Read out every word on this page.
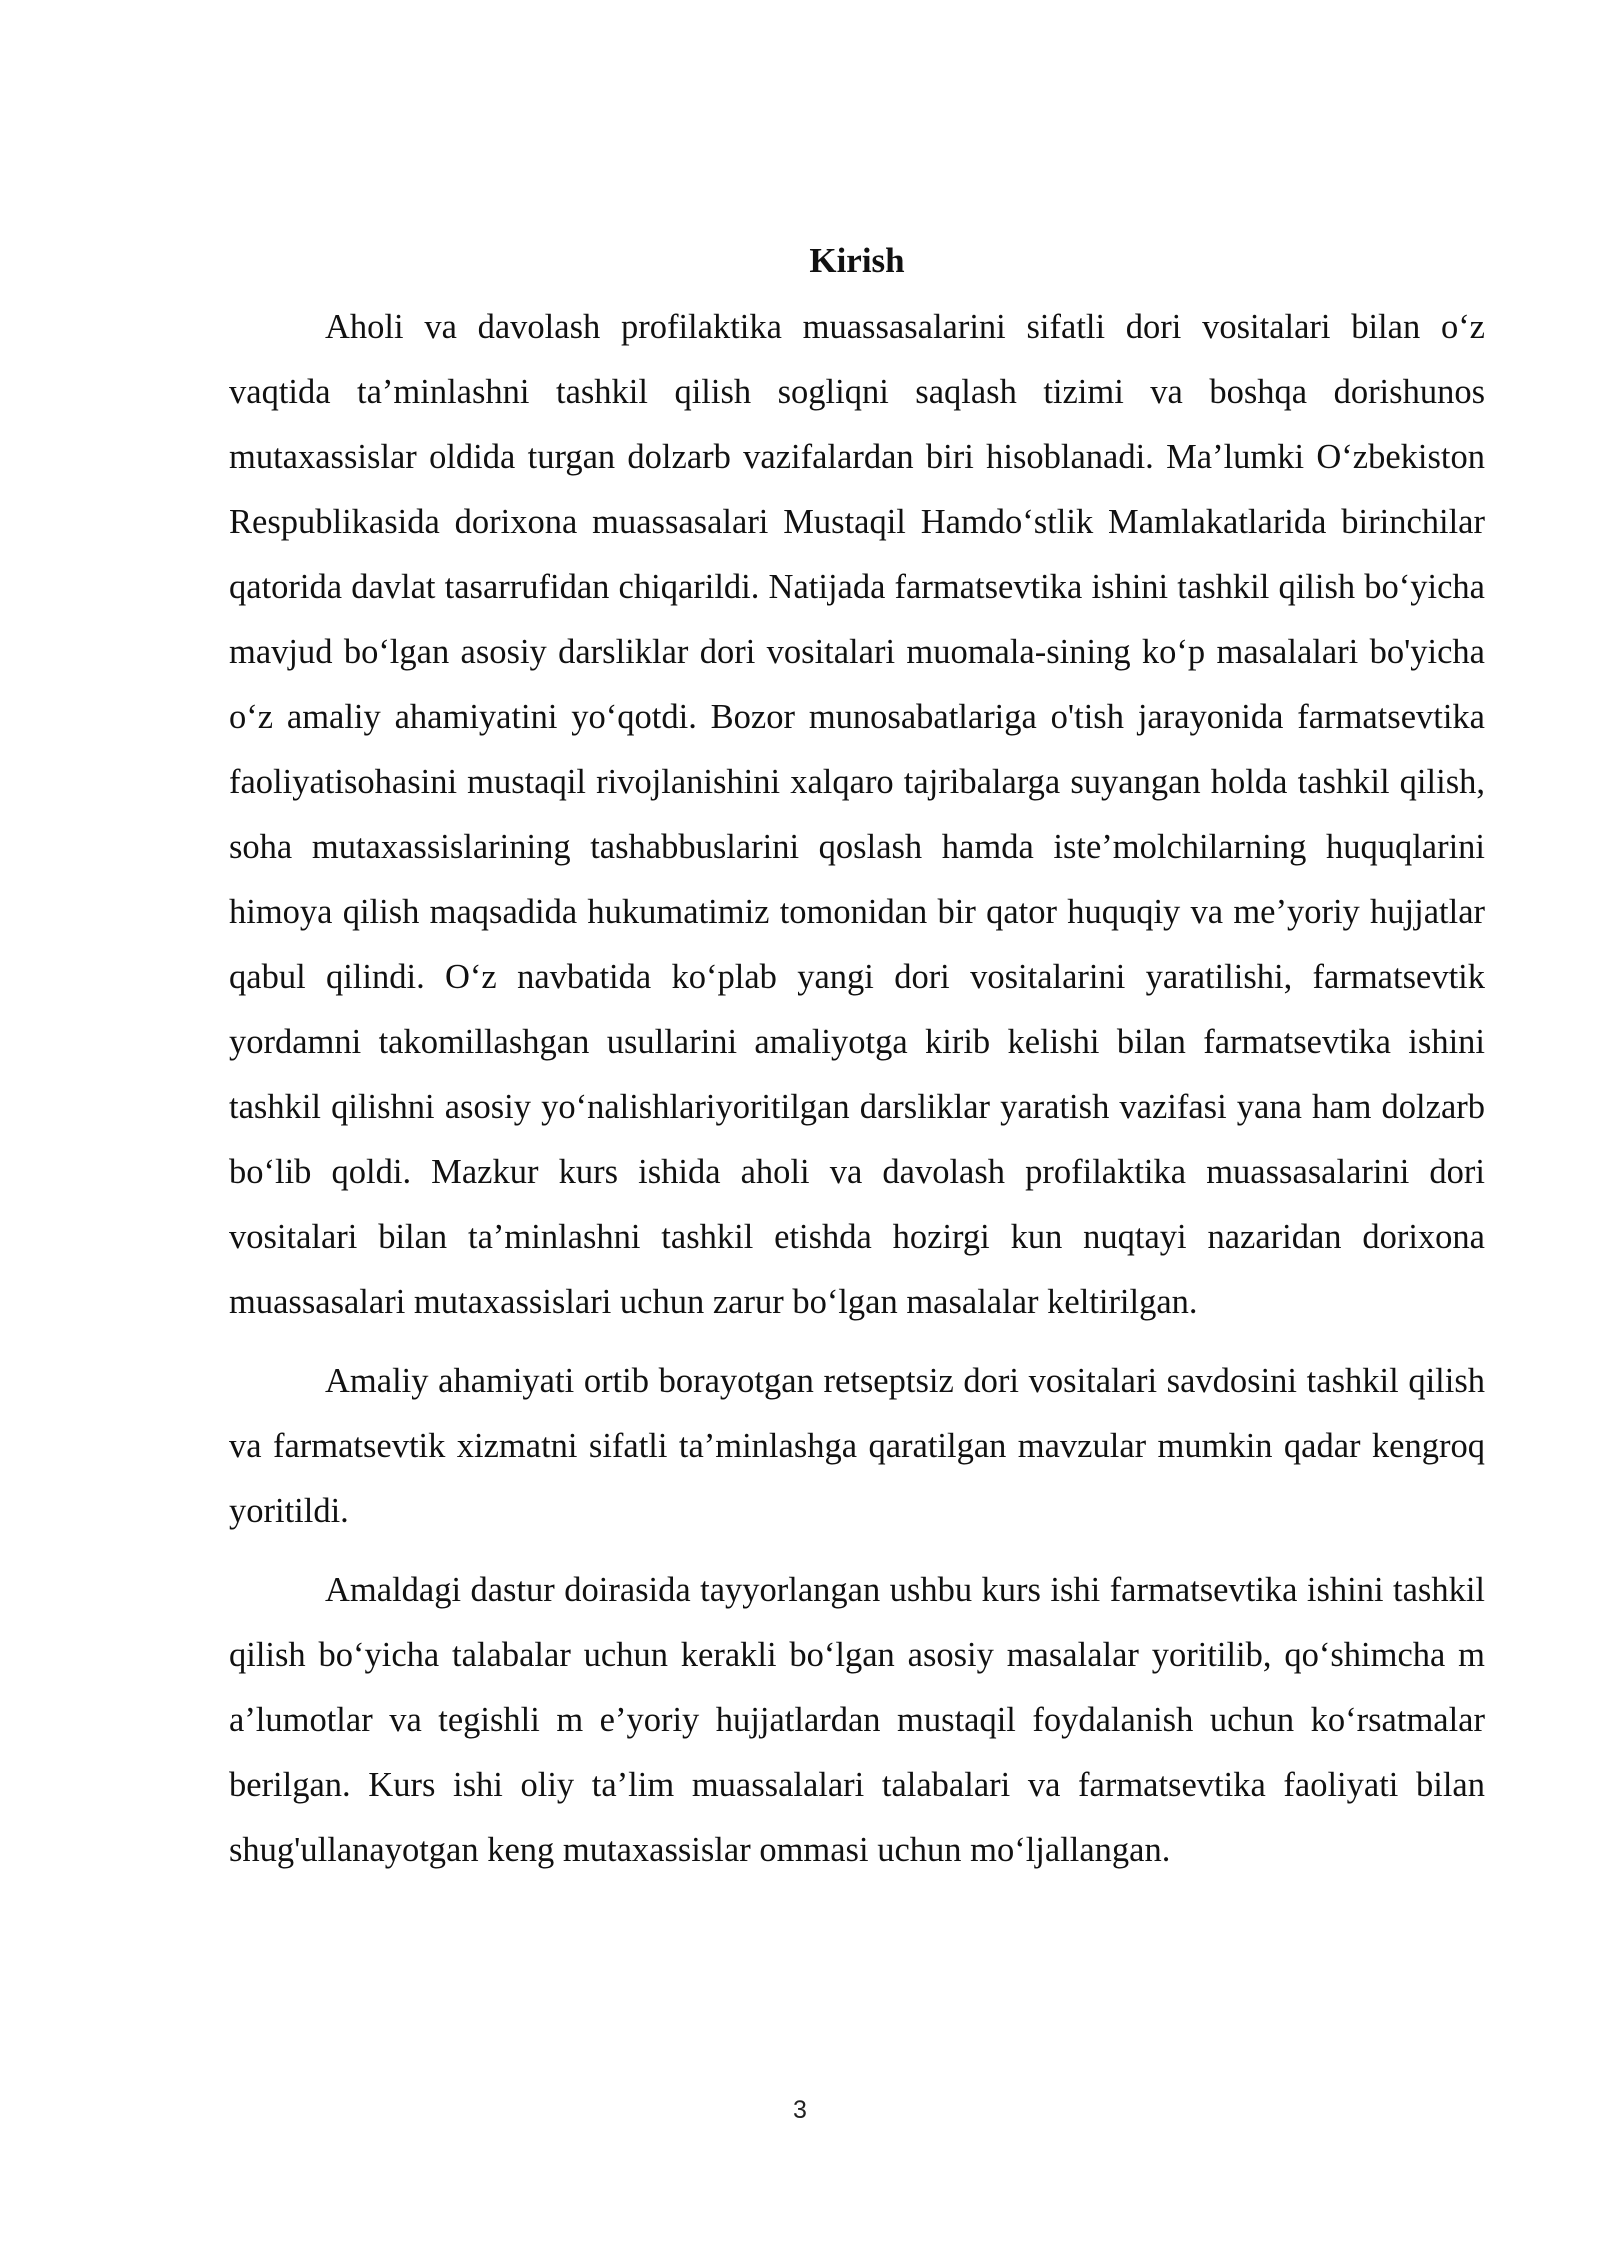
Kirish

Aholi va davolash profilaktika muassasalarini sifatli dori vositalari bilan o‘z vaqtida ta’minlashni tashkil qilish sogliqni saqlash tizimi va boshqa dorishunos mutaxassislar oldida turgan dolzarb vazifalardan biri hisoblanadi. Ma’lumki O‘zbekiston Respublikasida dorixona muassasalari Mustaqil Hamdo‘stlik Mamlakatlarida birinchilar qatorida davlat tasarrufidan chiqarildi. Natijada farmatsevtika ishini tashkil qilish bo‘yicha mavjud bo‘lgan asosiy darsliklar dori vositalari muomala-sining ko‘p masalalari bo'yicha o‘z amaliy ahamiyatini yo‘qotdi. Bozor munosabatlariga o'tish jarayonida farmatsevtika faoliyatisohasini mustaqil rivojlanishini xalqaro tajribalarga suyangan holda tashkil qilish, soha mutaxassislarining tashabbuslarini qoslash hamda iste’molchilarning huquqlarini himoya qilish maqsadida hukumatimiz tomonidan bir qator huquqiy va me’yoriy hujjatlar qabul qilindi. O‘z navbatida ko‘plab yangi dori vositalarini yaratilishi, farmatsevtik yordamni takomillashgan usullarini amaliyotga kirib kelishi bilan farmatsevtika ishini tashkil qilishni asosiy yo‘nalishlariyoritilgan darsliklar yaratish vazifasi yana ham dolzarb bo‘lib qoldi. Mazkur kurs ishida aholi va davolash profilaktika muassasalarini dori vositalari bilan ta’minlashni tashkil etishda hozirgi kun nuqtayi nazaridan dorixona muassasalari mutaxassislari uchun zarur bo‘lgan masalalar keltirilgan.

Amaliy ahamiyati ortib borayotgan retseptsiz dori vositalari savdosini tashkil qilish va farmatsevtik xizmatni sifatli ta’minlashga qaratilgan mavzular mumkin qadar kengroq yoritildi.

Amaldagi dastur doirasida tayyorlangan ushbu kurs ishi farmatsevtika ishini tashkil qilish bo‘yicha talabalar uchun kerakli bo‘lgan asosiy masalalar yoritilib, qo‘shimcha m a’lumotlar va tegishli m e’yoriy hujjatlardan mustaqil foydalanish uchun ko‘rsatmalar berilgan. Kurs ishi oliy ta’lim muassalalari talabalari va farmatsevtika faoliyati bilan shug'ullanayotgan keng mutaxassislar ommasi uchun mo‘ljallangan.

3
